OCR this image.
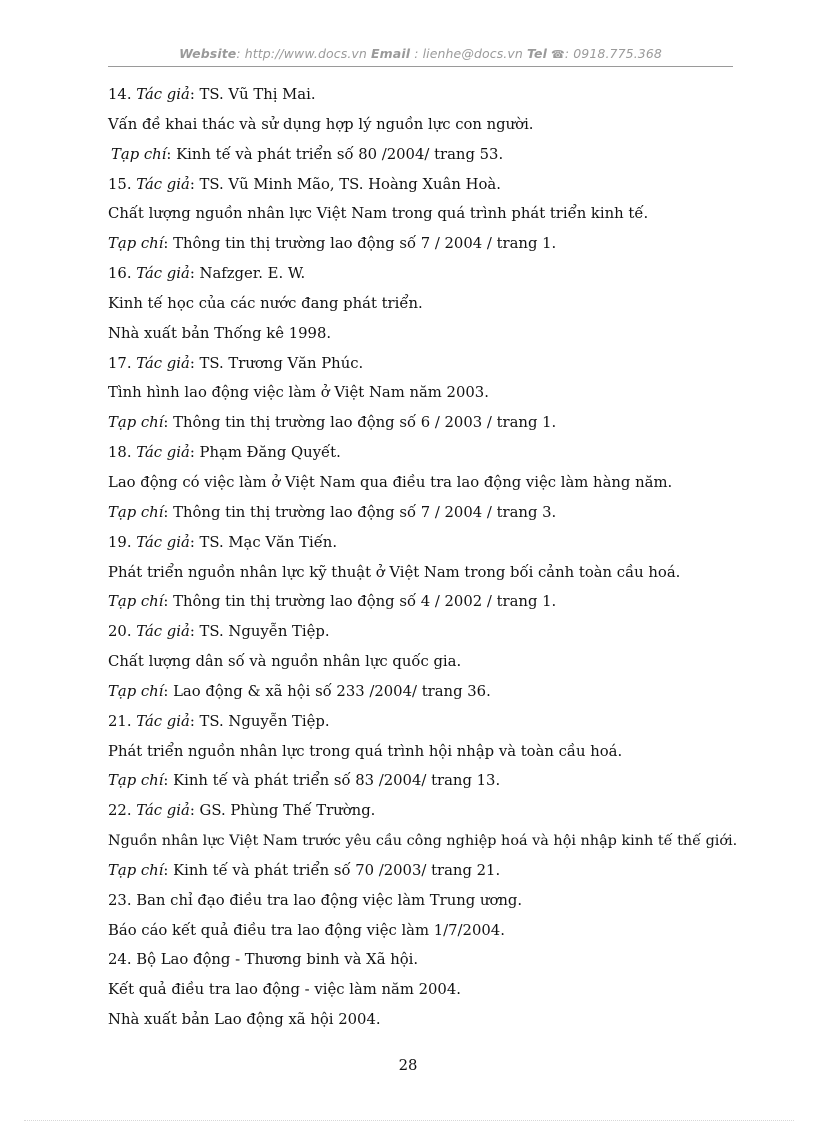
Website: http://www.docs.vn Email : lienhe@docs.vn Tel ☎: 0918.775.368
14. Tác giả: TS. Vũ Thị Mai.
Vấn đề khai thác và sử dụng hợp lý nguồn lực con người.
Tạp chí: Kinh tế và phát triển số 80 /2004/ trang 53.
15. Tác giả: TS. Vũ Minh Mão, TS. Hoàng Xuân Hoà.
Chất lượng nguồn nhân lực Việt Nam trong quá trình phát triển kinh tế.
Tạp chí: Thông tin thị trường lao động số 7 / 2004 / trang 1.
16. Tác giả: Nafzger. E. W.
Kinh tế học của các nước đang phát triển.
Nhà xuất bản Thống kê 1998.
17. Tác giả: TS. Trương Văn Phúc.
Tình hình lao động việc làm ở Việt Nam năm 2003.
Tạp chí: Thông tin thị trường lao động số 6 / 2003 / trang 1.
18. Tác giả: Phạm Đăng Quyết.
Lao động có việc làm ở Việt Nam qua điều tra lao động việc làm hàng năm.
Tạp chí: Thông tin thị trường lao động số 7 / 2004 / trang 3.
19. Tác giả: TS. Mạc Văn Tiến.
Phát triển nguồn nhân lực kỹ thuật ở Việt Nam trong bối cảnh toàn cầu hoá.
Tạp chí: Thông tin thị trường lao động số 4 / 2002 / trang 1.
20. Tác giả: TS. Nguyễn Tiệp.
Chất lượng dân số và nguồn nhân lực quốc gia.
Tạp chí: Lao động & xã hội số 233 /2004/ trang 36.
21. Tác giả: TS. Nguyễn Tiệp.
Phát triển nguồn nhân lực trong quá trình hội nhập và toàn cầu hoá.
Tạp chí: Kinh tế và phát triển số 83 /2004/ trang 13.
22. Tác giả: GS. Phùng Thế Trường.
Nguồn nhân lực Việt Nam trước yêu cầu công nghiệp hoá và hội nhập kinh tế thế giới.
Tạp chí: Kinh tế và phát triển số 70 /2003/ trang 21.
23. Ban chỉ đạo điều tra lao động việc làm Trung ương.
Báo cáo kết quả điều tra lao động việc làm 1/7/2004.
24. Bộ Lao động - Thương binh và Xã hội.
Kết quả điều tra lao động - việc làm năm 2004.
Nhà xuất bản Lao động xã hội 2004.
28
